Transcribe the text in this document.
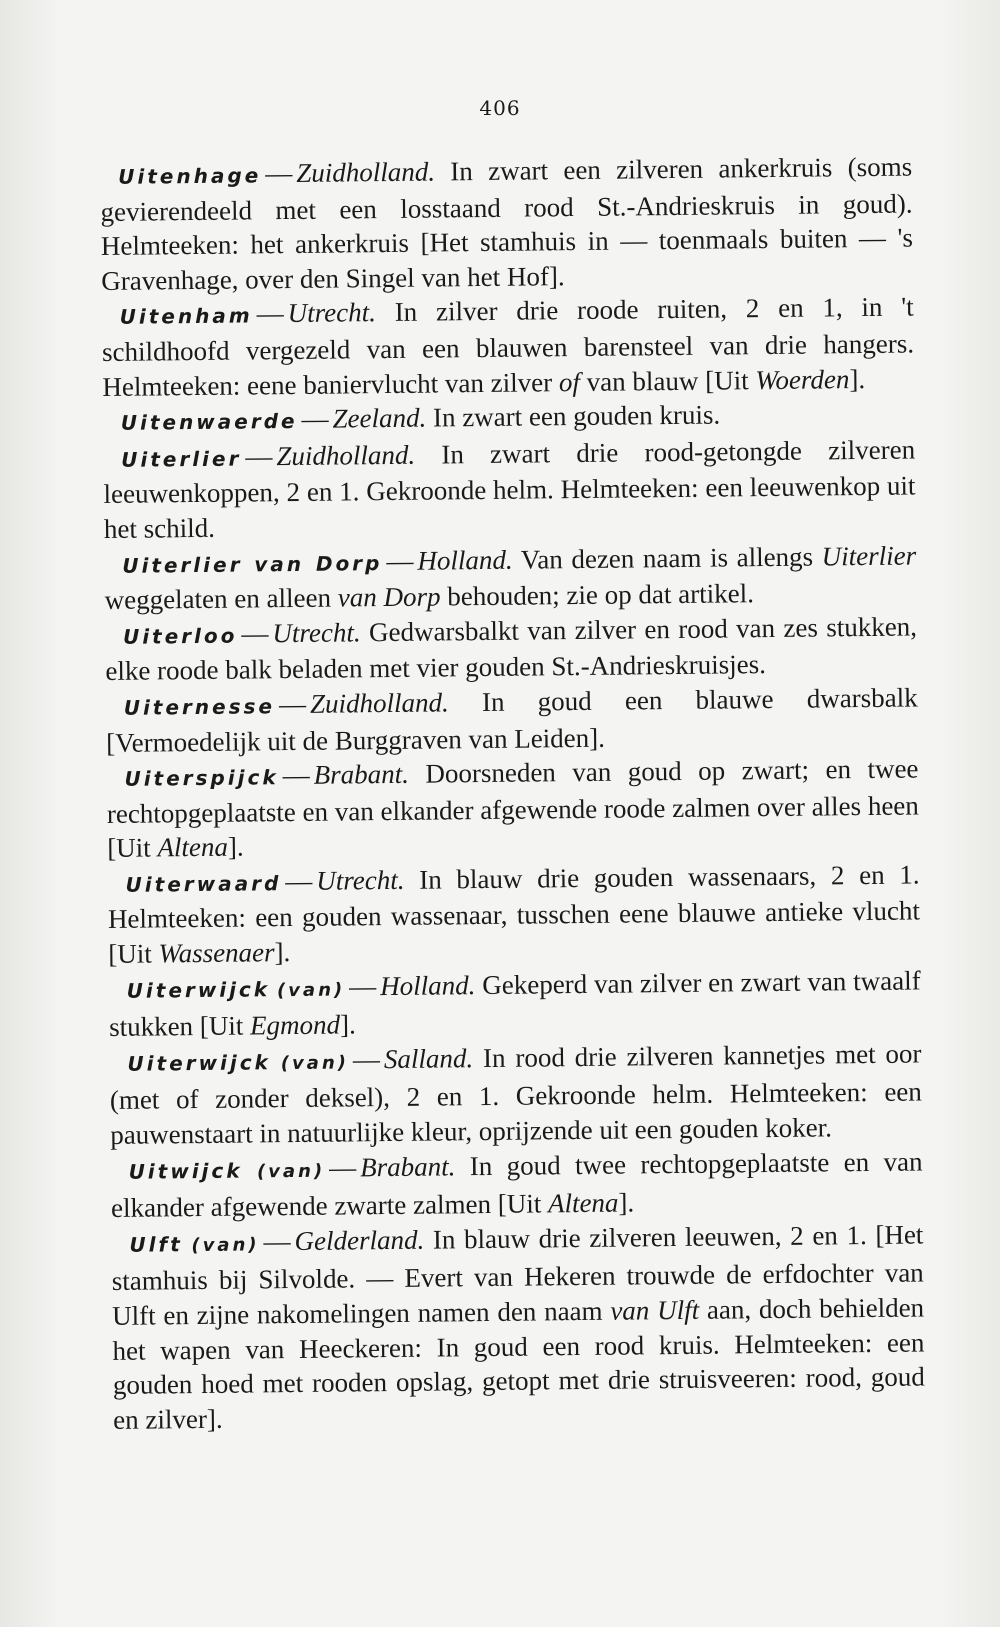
406

Uitenhage — Zuidholland. In zwart een zilveren ankerkruis (soms gevierendeeld met een losstaand rood St.-Andrieskruis in goud). Helmteeken: het ankerkruis [Het stamhuis in — toenmaals buiten — 's Gravenhage, over den Singel van het Hof].

Uitenham — Utrecht. In zilver drie roode ruiten, 2 en 1, in 't schildhoofd vergezeld van een blauwen barensteel van drie hangers. Helmteeken: eene baniervlucht van zilver of van blauw [Uit Woerden].

Uitenwaerde — Zeeland. In zwart een gouden kruis.

Uiterlier — Zuidholland. In zwart drie rood-getongde zilveren leeuwenkoppen, 2 en 1. Gekroonde helm. Helmteeken: een leeuwenkop uit het schild.

Uiterlier van Dorp — Holland. Van dezen naam is allengs Uiterlier weggelaten en alleen van Dorp behouden; zie op dat artikel.

Uiterloo — Utrecht. Gedwarsbalkt van zilver en rood van zes stukken, elke roode balk beladen met vier gouden St.-Andrieskruisjes.

Uiternesse — Zuidholland. In goud een blauwe dwarsbalk [Vermoedelijk uit de Burggraven van Leiden].

Uiterspijck — Brabant. Doorsneden van goud op zwart; en twee rechtopgeplaatste en van elkander afgewende roode zalmen over alles heen [Uit Altena].

Uiterwaard — Utrecht. In blauw drie gouden wassenaars, 2 en 1. Helmteeken: een gouden wassenaar, tusschen eene blauwe antieke vlucht [Uit Wassenaer].

Uiterwijck (van) — Holland. Gekeperd van zilver en zwart van twaalf stukken [Uit Egmond].

Uiterwijck (van) — Salland. In rood drie zilveren kannetjes met oor (met of zonder deksel), 2 en 1. Gekroonde helm. Helmteeken: een pauwenstaart in natuurlijke kleur, oprijzende uit een gouden koker.

Uitwijck (van) — Brabant. In goud twee rechtopgeplaatste en van elkander afgewende zwarte zalmen [Uit Altena].

Ulft (van) — Gelderland. In blauw drie zilveren leeuwen, 2 en 1. [Het stamhuis bij Silvolde. — Evert van Hekeren trouwde de erfdochter van Ulft en zijne nakomelingen namen den naam van Ulft aan, doch behielden het wapen van Heeckeren: In goud een rood kruis. Helmteeken: een gouden hoed met rooden opslag, getopt met drie struisveeren: rood, goud en zilver].
